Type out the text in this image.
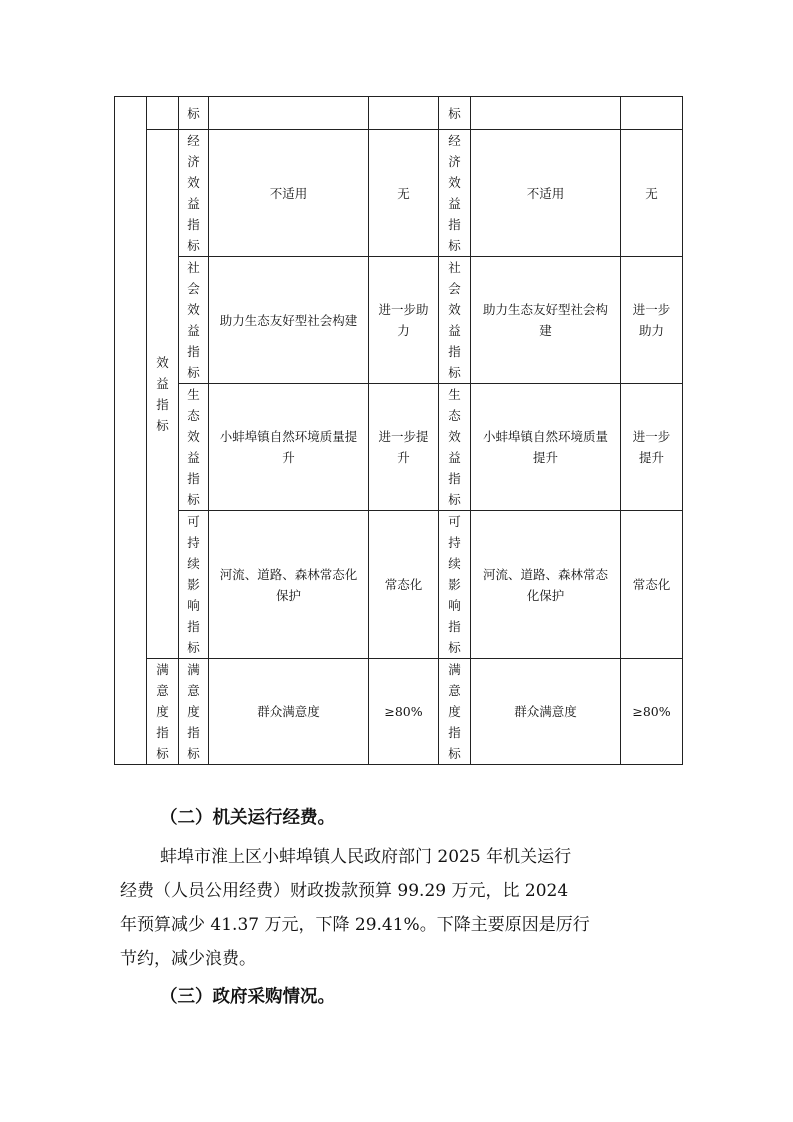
		标			标		
	效益指标	经济效益指标	不适用	无	经济效益指标	不适用	无
		社会效益指标	助力生态友好型社会构建	进一步助力	社会效益指标	助力生态友好型社会构建	进一步助力
		生态效益指标	小蚌埠镇自然环境质量提升	进一步提升	生态效益指标	小蚌埠镇自然环境质量提升	进一步提升
		可持续影响指标	河流、道路、森林常态化保护	常态化	可持续影响指标	河流、道路、森林常态化保护	常态化
	满意度指标	满意度指标	群众满意度	≥80%	满意度指标	群众满意度	≥80%

（二）机关运行经费。

蚌埠市淮上区小蚌埠镇人民政府部门 2025 年机关运行

经费（人员公用经费）财政拨款预算 99.29 万元，比 2024

年预算减少 41.37 万元，下降 29.41%。下降主要原因是厉行

节约，减少浪费。

（三）政府采购情况。
